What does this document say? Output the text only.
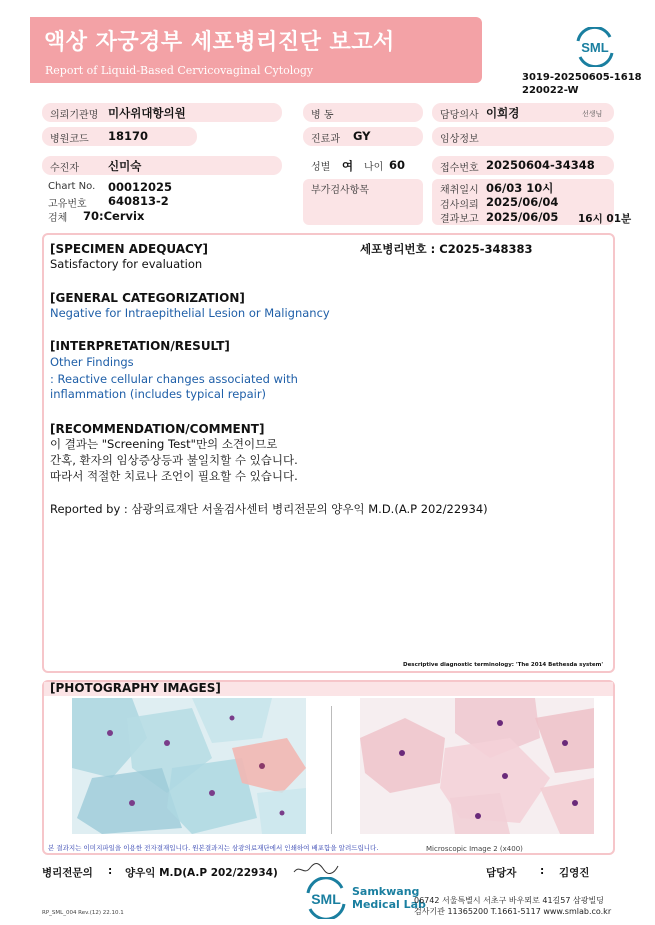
액상 자궁경부 세포병리진단 보고서
Report of Liquid-Based Cervicovaginal Cytology
SML
3019-20250605-1618
220022-W
의뢰기관명 미사위대항의원	병 동	담당의사 이희경	선생님
병원코드 18170	진료과 GY	임상정보
수진자	신미숙	성별 여 나이 60	접수번호 20250604-34348
Chart No. 00012025
고유번호 640813-2
검체 70:Cervix
부가검사항목	채취일시 06/03 10시
검사의뢰 2025/06/04
결과보고 2025/06/05 16시 01분
[SPECIMEN ADEQUACY]	세포병리번호 : C2025-348383
Satisfactory for evaluation
[GENERAL CATEGORIZATION]
Negative for Intraepithelial Lesion or Malignancy
[INTERPRETATION/RESULT]
Other Findings
: Reactive cellular changes associated with
inflammation (includes typical repair)
[RECOMMENDATION/COMMENT]
이 결과는 "Screening Test"만의 소견이므로
간혹, 환자의 임상증상등과 불일치할 수 있습니다.
따라서 적절한 치료나 조언이 필요할 수 있습니다.
Reported by : 삼광의료재단 서울검사센터 병리전문의 양우익 M.D.(A.P 202/22934)
Descriptive diagnostic terminology: 'The 2014 Bethesda system'
[PHOTOGRAPHY IMAGES]
본 결과지는 이미지파일을 이용한 전자결재입니다. 원본결과지는 삼광의료재단에서 인쇄하여 배포함을 알려드립니다.	Microscopic Image 2 (x400)
병리전문의 : 양우익 M.D(A.P 202/22934)	담당자 : 김영진
SML Samkwang
Medical Lab
06742 서울특별시 서초구 바우뫼로 41길57 삼광빌딩
검사기관 11365200 T.1661-5117 www.smlab.co.kr
RP_SML_004 Rev.(12) 22.10.1
